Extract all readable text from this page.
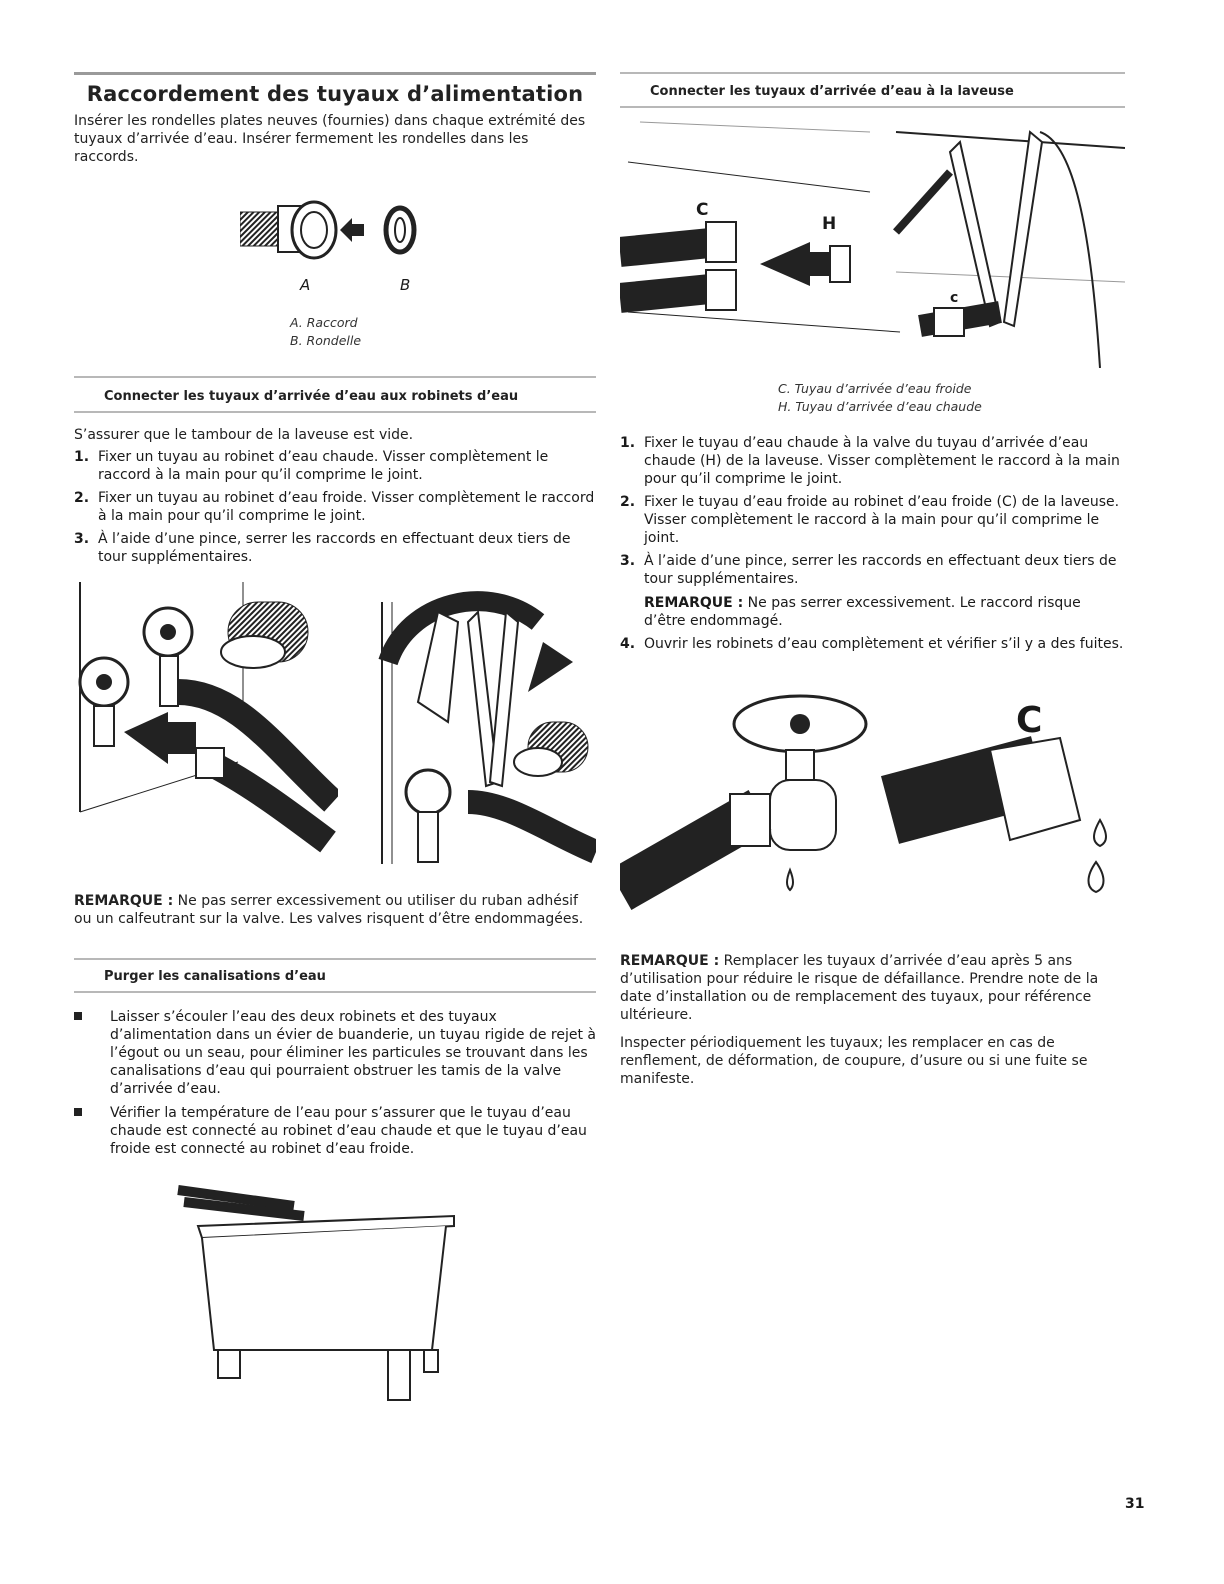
Raccordement des tuyaux d’alimentation
Insérer les rondelles plates neuves (fournies) dans chaque extrémité des tuyaux d’arrivée d’eau. Insérer fermement les rondelles dans les raccords.
A	B
A. Raccord
B. Rondelle
Connecter les tuyaux d’arrivée d’eau aux robinets d’eau
S’assurer que le tambour de la laveuse est vide.
1. Fixer un tuyau au robinet d’eau chaude. Visser complètement le raccord à la main pour qu’il comprime le joint.
2. Fixer un tuyau au robinet d’eau froide. Visser complètement le raccord à la main pour qu’il comprime le joint.
3. À l’aide d’une pince, serrer les raccords en effectuant deux tiers de tour supplémentaires.
REMARQUE : Ne pas serrer excessivement ou utiliser du ruban adhésif ou un calfeutrant sur la valve. Les valves risquent d’être endommagées.
Purger les canalisations d’eau
Laisser s’écouler l’eau des deux robinets et des tuyaux d’alimentation dans un évier de buanderie, un tuyau rigide de rejet à l’égout ou un seau, pour éliminer les particules se trouvant dans les canalisations d’eau qui pourraient obstruer les tamis de la valve d’arrivée d’eau.
Vérifier la température de l’eau pour s’assurer que le tuyau d’eau chaude est connecté au robinet d’eau chaude et que le tuyau d’eau froide est connecté au robinet d’eau froide.
Connecter les tuyaux d’arrivée d’eau à la laveuse
C
H
c
C. Tuyau d’arrivée d’eau froide
H. Tuyau d’arrivée d’eau chaude
1. Fixer le tuyau d’eau chaude à la valve du tuyau d’arrivée d’eau chaude (H) de la laveuse. Visser complètement le raccord à la main pour qu’il comprime le joint.
2. Fixer le tuyau d’eau froide au robinet d’eau froide (C) de la laveuse. Visser complètement le raccord à la main pour qu’il comprime le joint.
3. À l’aide d’une pince, serrer les raccords en effectuant deux tiers de tour supplémentaires.
REMARQUE : Ne pas serrer excessivement. Le raccord risque d’être endommagé.
4. Ouvrir les robinets d’eau complètement et vérifier s’il y a des fuites.
C
REMARQUE : Remplacer les tuyaux d’arrivée d’eau après 5 ans d’utilisation pour réduire le risque de défaillance. Prendre note de la date d’installation ou de remplacement des tuyaux, pour référence ultérieure.
Inspecter périodiquement les tuyaux; les remplacer en cas de renflement, de déformation, de coupure, d’usure ou si une fuite se manifeste.
31
